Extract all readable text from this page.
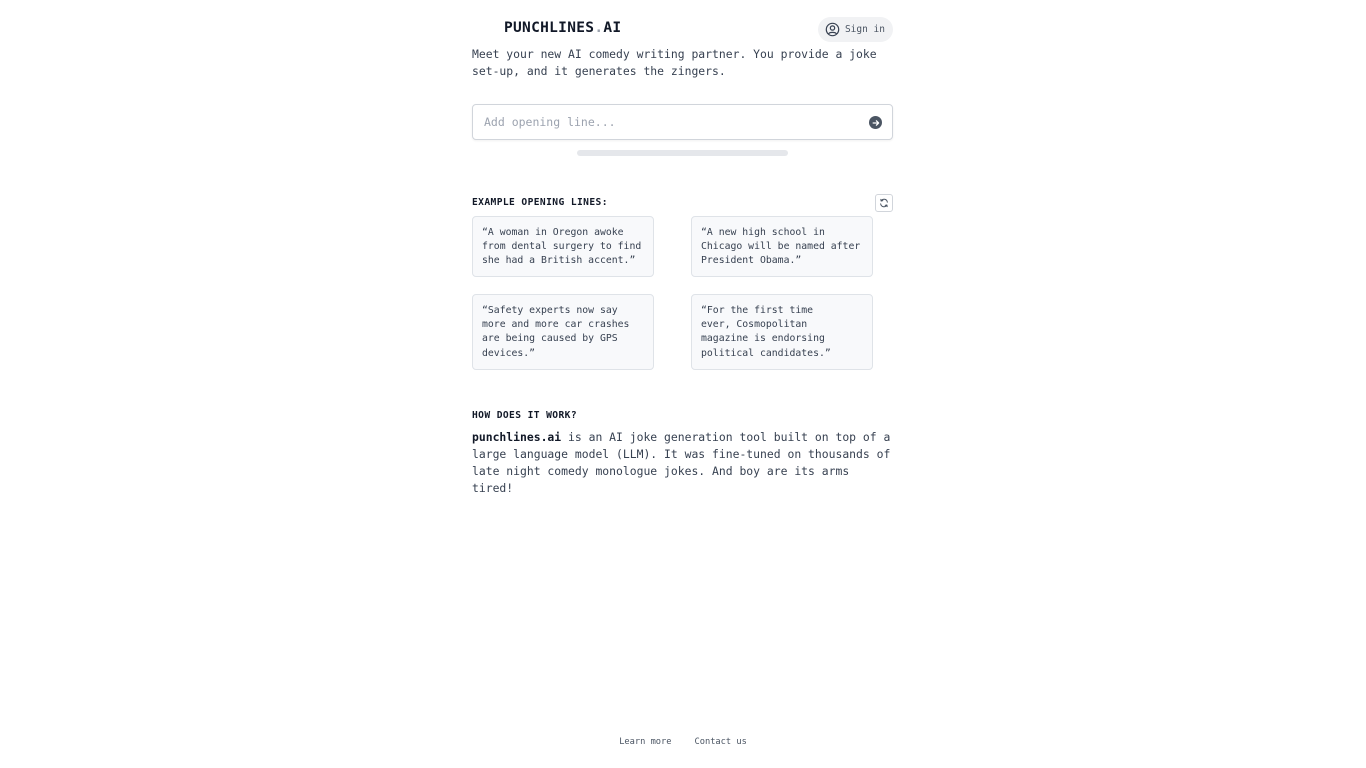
PUNCHLINES.AI	Sign in

Meet your new AI comedy writing partner. You provide a joke set-up, and it generates the zingers.

Add opening line...
EXAMPLE OPENING LINES:
“A woman in Oregon awoke from dental surgery to find she had a British accent.”
“A new high school in Chicago will be named after President Obama.”
“Safety experts now say more and more car crashes are being caused by GPS devices.”
“For the first time ever, Cosmopolitan magazine is endorsing political candidates.”
HOW DOES IT WORK?

punchlines.ai is an AI joke generation tool built on top of a large language model (LLM). It was fine-tuned on thousands of late night comedy monologue jokes. And boy are its arms tired!

Learn more	Contact us
